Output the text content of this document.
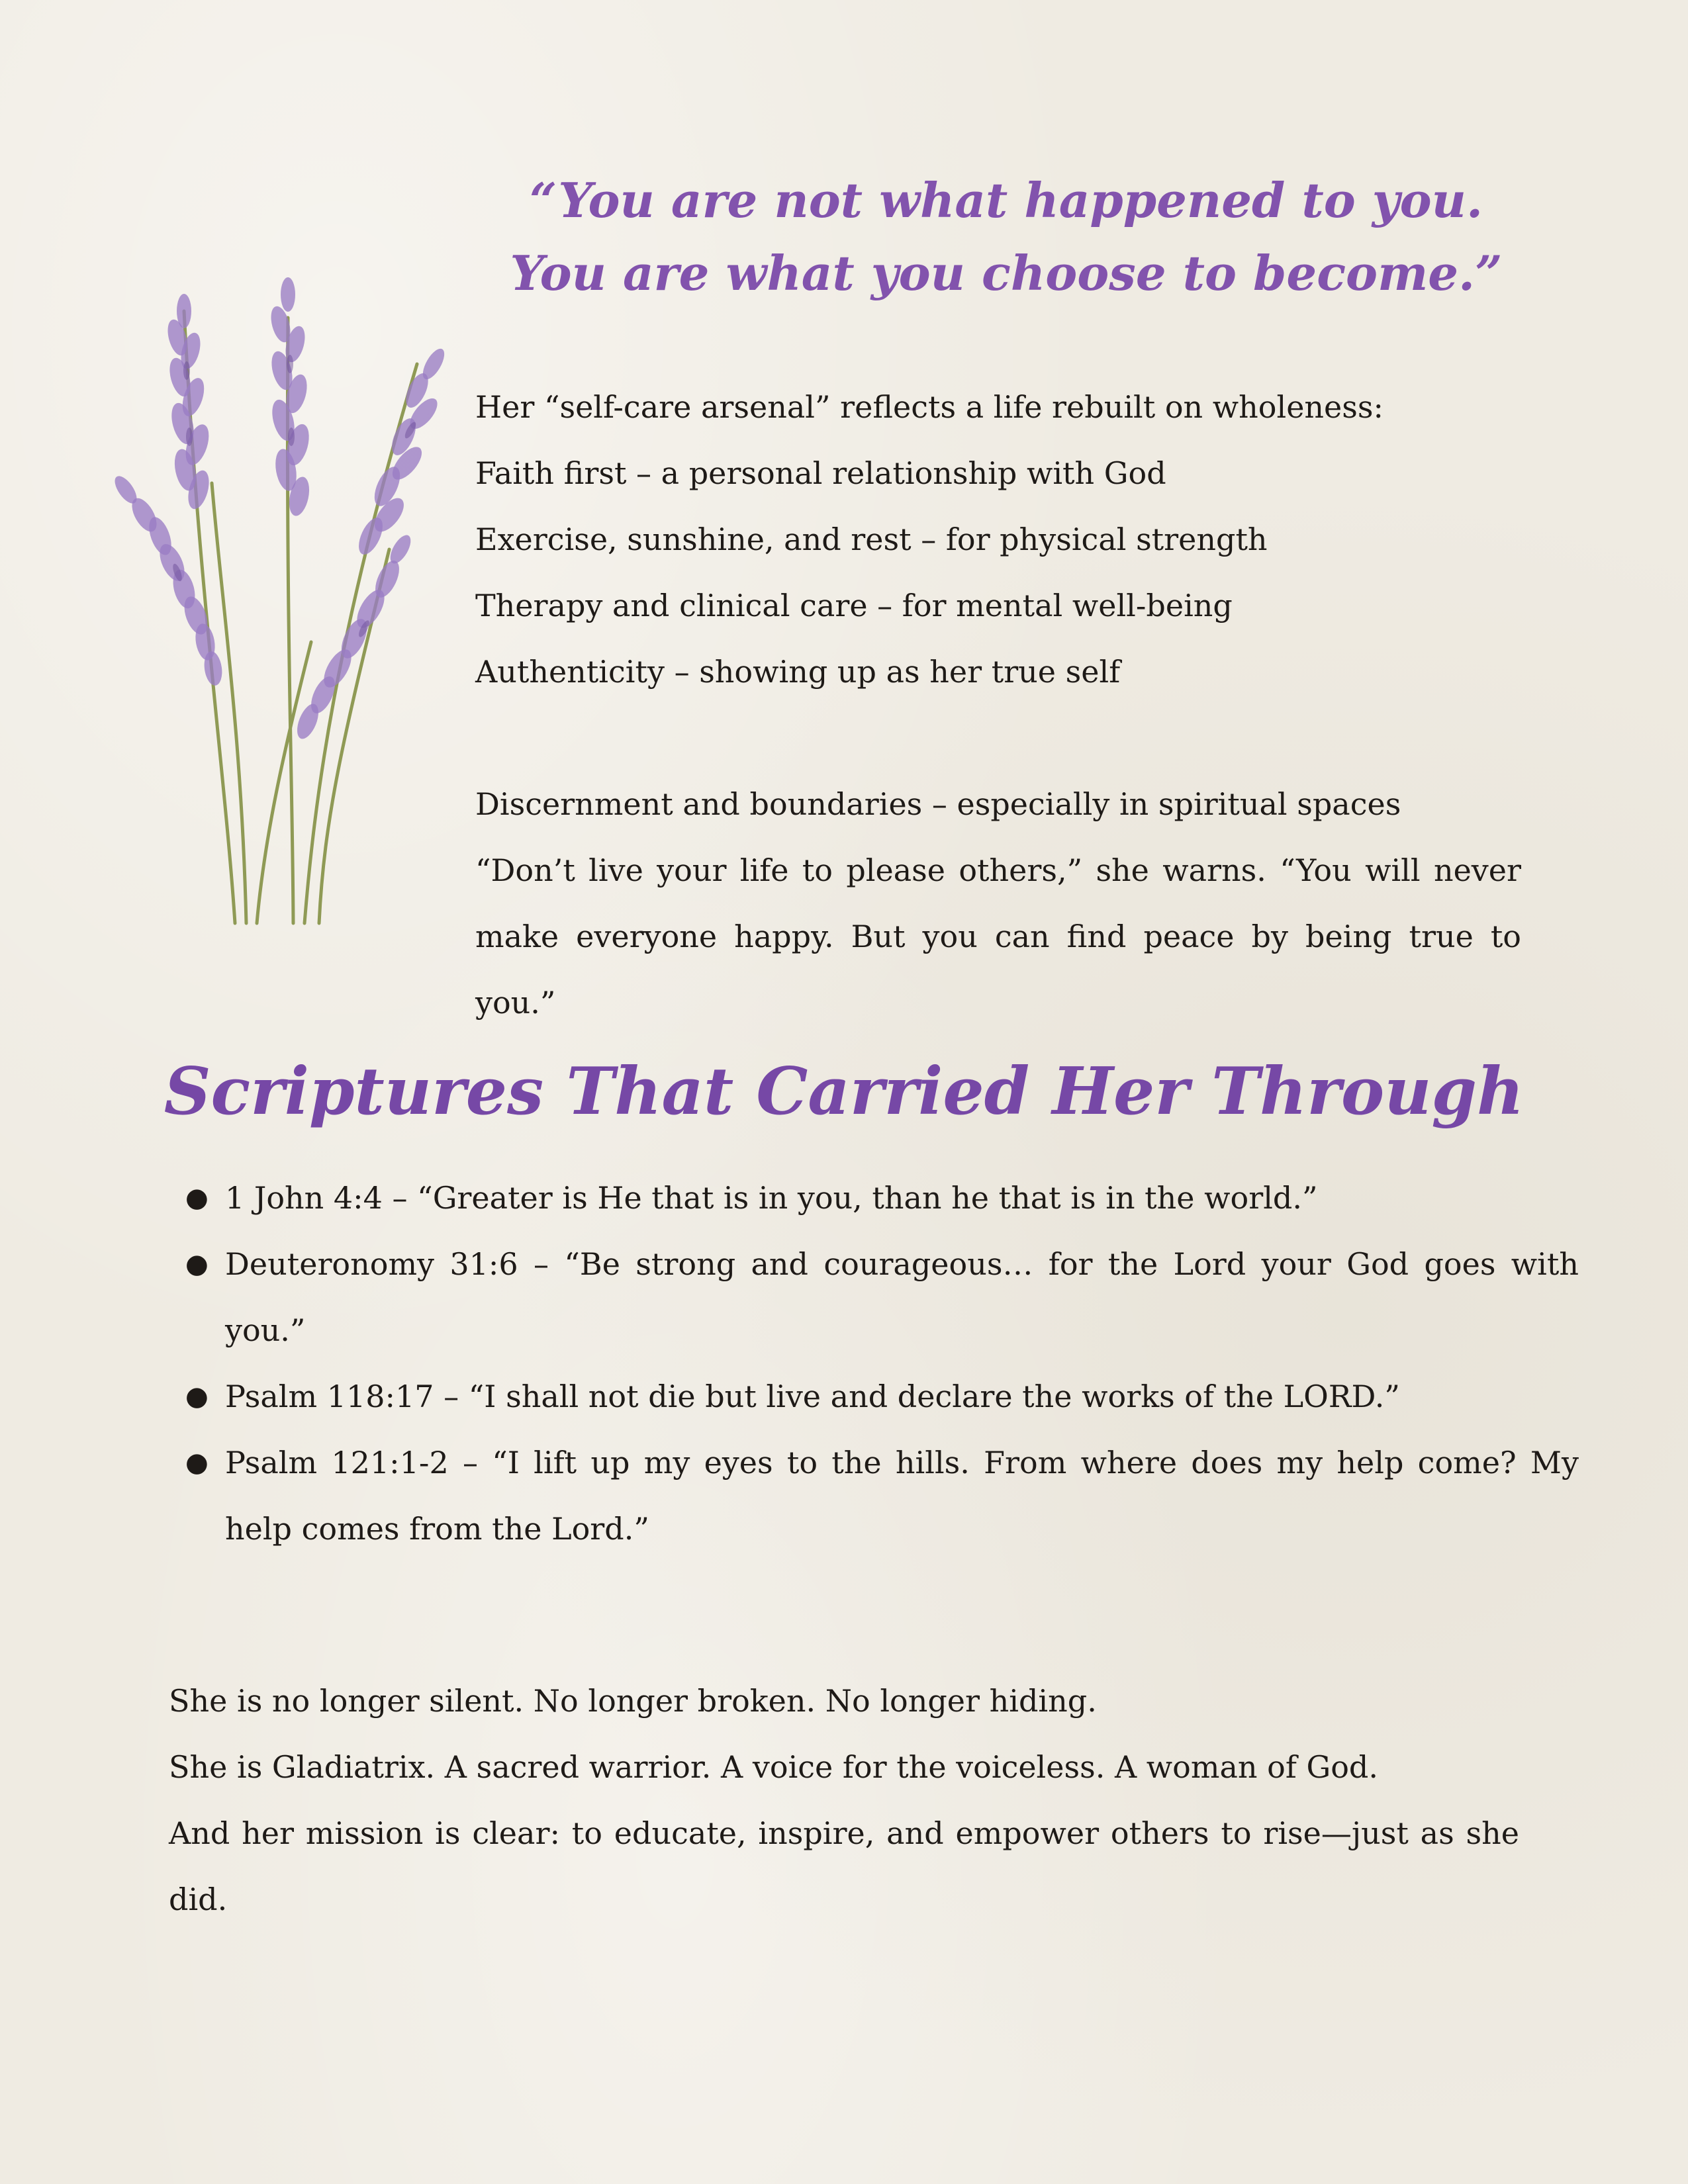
“You are not what happened to you.
You are what you choose to become.”

Her “self-care arsenal” reflects a life rebuilt on wholeness:

Faith first – a personal relationship with God

Exercise, sunshine, and rest – for physical strength

Therapy and clinical care – for mental well-being

Authenticity – showing up as her true self

Discernment and boundaries – especially in spiritual spaces

“Don’t live your life to please others,” she warns. “You will never make everyone happy. But you can find peace by being true to you.”

Scriptures That Carried Her Through
● 1 John 4:4 – “Greater is He that is in you, than he that is in the world.”
● Deuteronomy 31:6 – “Be strong and courageous… for the Lord your God goes with you.”
● Psalm 118:17 – “I shall not die but live and declare the works of the LORD.”
● Psalm 121:1-2 – “I lift up my eyes to the hills. From where does my help come? My help comes from the Lord.”

She is no longer silent. No longer broken. No longer hiding.

She is Gladiatrix. A sacred warrior. A voice for the voiceless. A woman of God.

And her mission is clear: to educate, inspire, and empower others to rise—just as she did.
